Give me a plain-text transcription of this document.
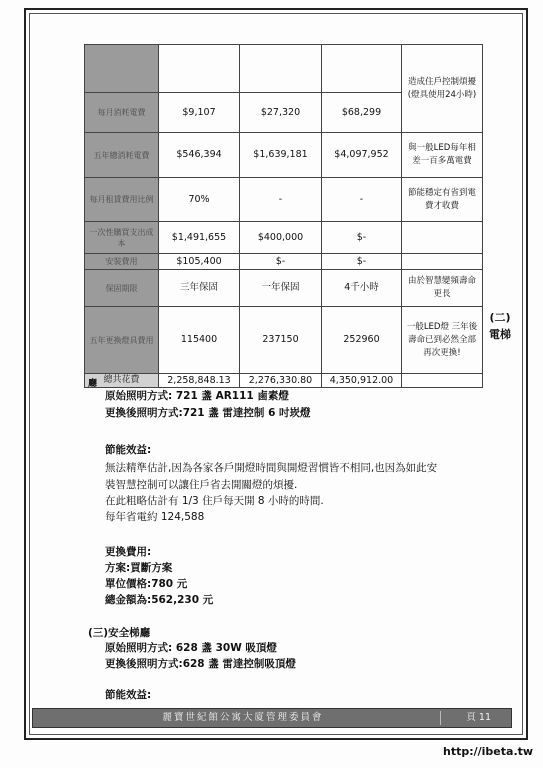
				造成住戶控制煩擾
(燈具使用24小時)
每月消耗電費	$9,107	$27,320	$68,299	
五年總消耗電費	$546,394	$1,639,181	$4,097,952	與一般LED每年相差一百多萬電費
每月租賃費用比例	70%	-	-	節能穩定有省到電費才收費
一次性購買支出成本	$1,491,655	$400,000	$-	
安裝費用	$105,400	$-	$-	
保固期限	三年保固	一年保固	4千小時	由於智慧變頻壽命更長
五年更換燈具費用	115400	237150	252960	一般LED燈 三年後壽命已到必然全部再次更換!
總共花費	2,258,848.13	2,276,330.80	4,350,912.00	
(二)
電梯
廳
原始照明方式: 721 盞 AR111 鹵素燈
更換後照明方式:721 盞 雷達控制 6 吋崁燈
節能效益:
無法精準估計,因為各家各戶開燈時間與開燈習慣皆不相同,也因為如此安
裝智慧控制可以讓住戶省去開關燈的煩擾.
在此粗略估計有 1/3 住戶每天開 8 小時的時間.
每年省電約 124,588
更換費用:
方案:買斷方案
單位價格:780 元
總金額為:562,230 元
(三)安全梯廳
原始照明方式: 628 盞 30W 吸頂燈
更換後照明方式:628 盞 雷達控制吸頂燈
節能效益:
麗寶世紀館公寓大廈管理委員會	頁 11
http://ibeta.tw
